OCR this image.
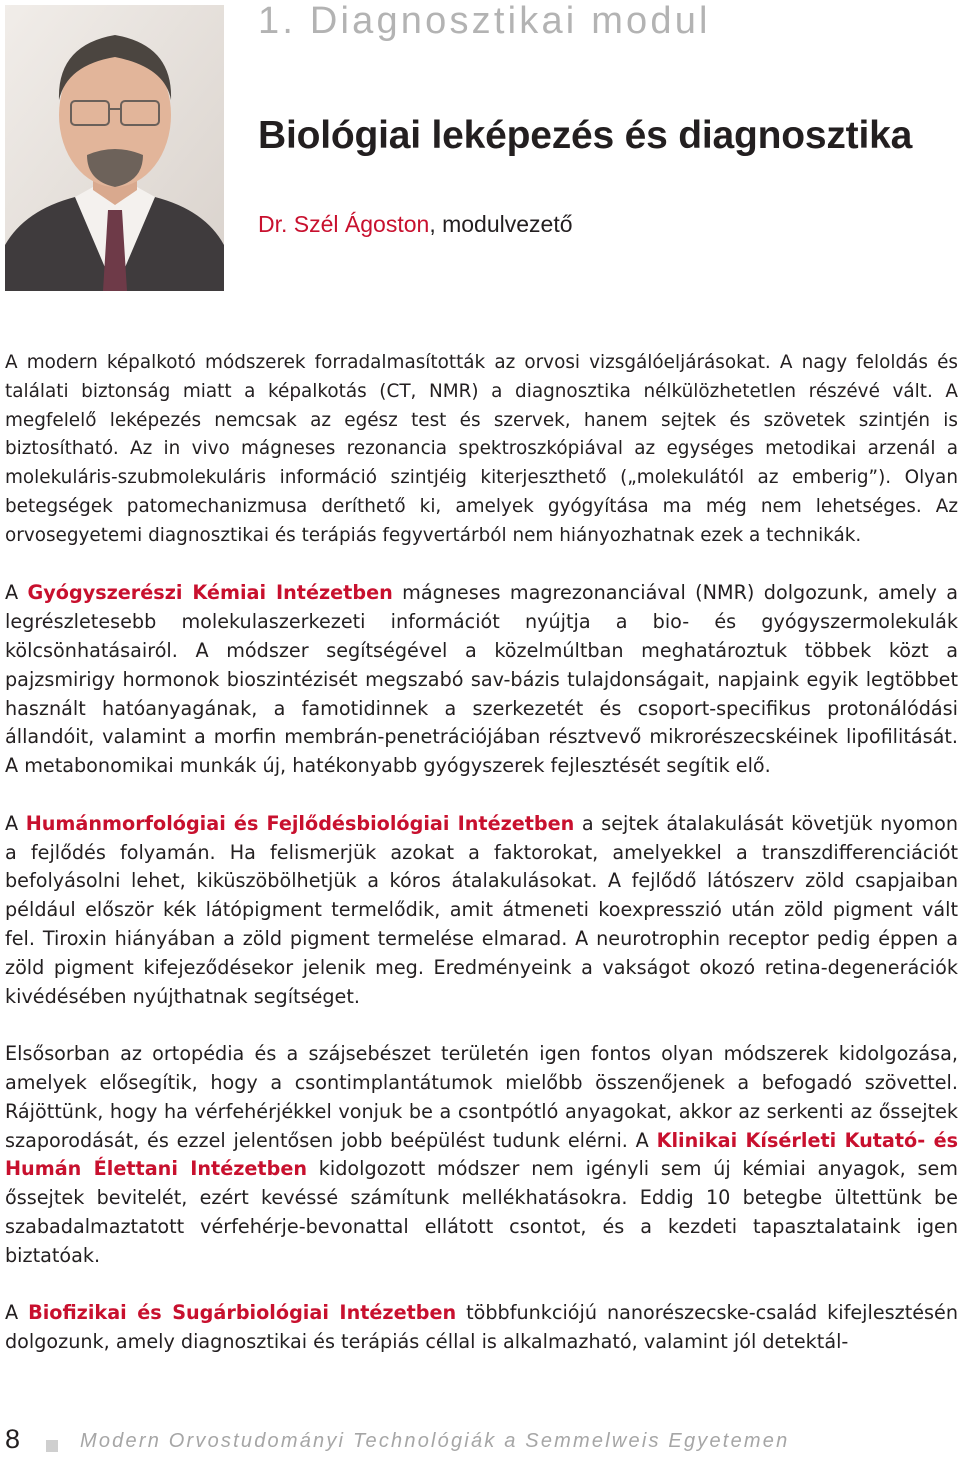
1. Diagnosztikai modul
Biológiai leképezés és diagnosztika
Dr. Szél Ágoston, modulvezető

A modern képalkotó módszerek forradalmasították az orvosi vizsgálóeljárásokat. A nagy feloldás és találati biztonság miatt a képalkotás (CT, NMR) a diagnosztika nélkülözhetetlen részévé vált. A megfelelő leképezés nemcsak az egész test és szervek, hanem sejtek és szövetek szintjén is biztosítható. Az in vivo mágneses rezonancia spektroszkópiával az egységes metodikai arzenál a molekuláris-szubmolekuláris információ szintjéig kiterjeszthető („molekulától az emberig”). Olyan betegségek patomechanizmusa deríthető ki, amelyek gyógyítása ma még nem lehetséges. Az orvosegyetemi diagnosztikai és terápiás fegyvertárból nem hiányozhatnak ezek a technikák.

A Gyógyszerészi Kémiai Intézetben mágneses magrezonanciával (NMR) dolgozunk, amely a legrészletesebb molekulaszerkezeti információt nyújtja a bio- és gyógyszermolekulák kölcsönhatásairól. A módszer segítségével a közelmúltban meghatároztuk többek közt a pajzsmirigy hormonok bioszintézisét megszabó sav-bázis tulajdonságait, napjaink egyik legtöbbet használt hatóanyagának, a famotidinnek a szerkezetét és csoport-specifikus protonálódási állandóit, valamint a morfin membrán-penetrációjában résztvevő mikrorészecskéinek lipofilitását. A metabonomikai munkák új, hatékonyabb gyógyszerek fejlesztését segítik elő.

A Humánmorfológiai és Fejlődésbiológiai Intézetben a sejtek átalakulását követjük nyomon a fejlődés folyamán. Ha felismerjük azokat a faktorokat, amelyekkel a transzdifferenciációt befolyásolni lehet, kiküszöbölhetjük a kóros átalakulásokat. A fejlődő látószerv zöld csapjaiban például először kék látópigment termelődik, amit átmeneti koexpresszió után zöld pigment vált fel. Tiroxin hiányában a zöld pigment termelése elmarad. A neurotrophin receptor pedig éppen a zöld pigment kifejeződésekor jelenik meg. Eredményeink a vakságot okozó retina-degenerációk kivédésében nyújthatnak segítséget.

Elsősorban az ortopédia és a szájsebészet területén igen fontos olyan módszerek kidolgozása, amelyek elősegítik, hogy a csontimplantátumok mielőbb összenőjenek a befogadó szövettel. Rájöttünk, hogy ha vérfehérjékkel vonjuk be a csontpótló anyagokat, akkor az serkenti az őssejtek szaporodását, és ezzel jelentősen jobb beépülést tudunk elérni. A Klinikai Kísérleti Kutató- és Humán Élettani Intézetben kidolgozott módszer nem igényli sem új kémiai anyagok, sem őssejtek bevitelét, ezért kevéssé számítunk mellékhatásokra. Eddig 10 betegbe ültettünk be szabadalmaztatott vérfehérje-bevonattal ellátott csontot, és a kezdeti tapasztalataink igen biztatóak.

A Biofizikai és Sugárbiológiai Intézetben többfunkciójú nanorészecske-család kifejlesztésén dolgozunk, amely diagnosztikai és terápiás céllal is alkalmazható, valamint jól detektál-

8	Modern Orvostudományi Technológiák a Semmelweis Egyetemen
